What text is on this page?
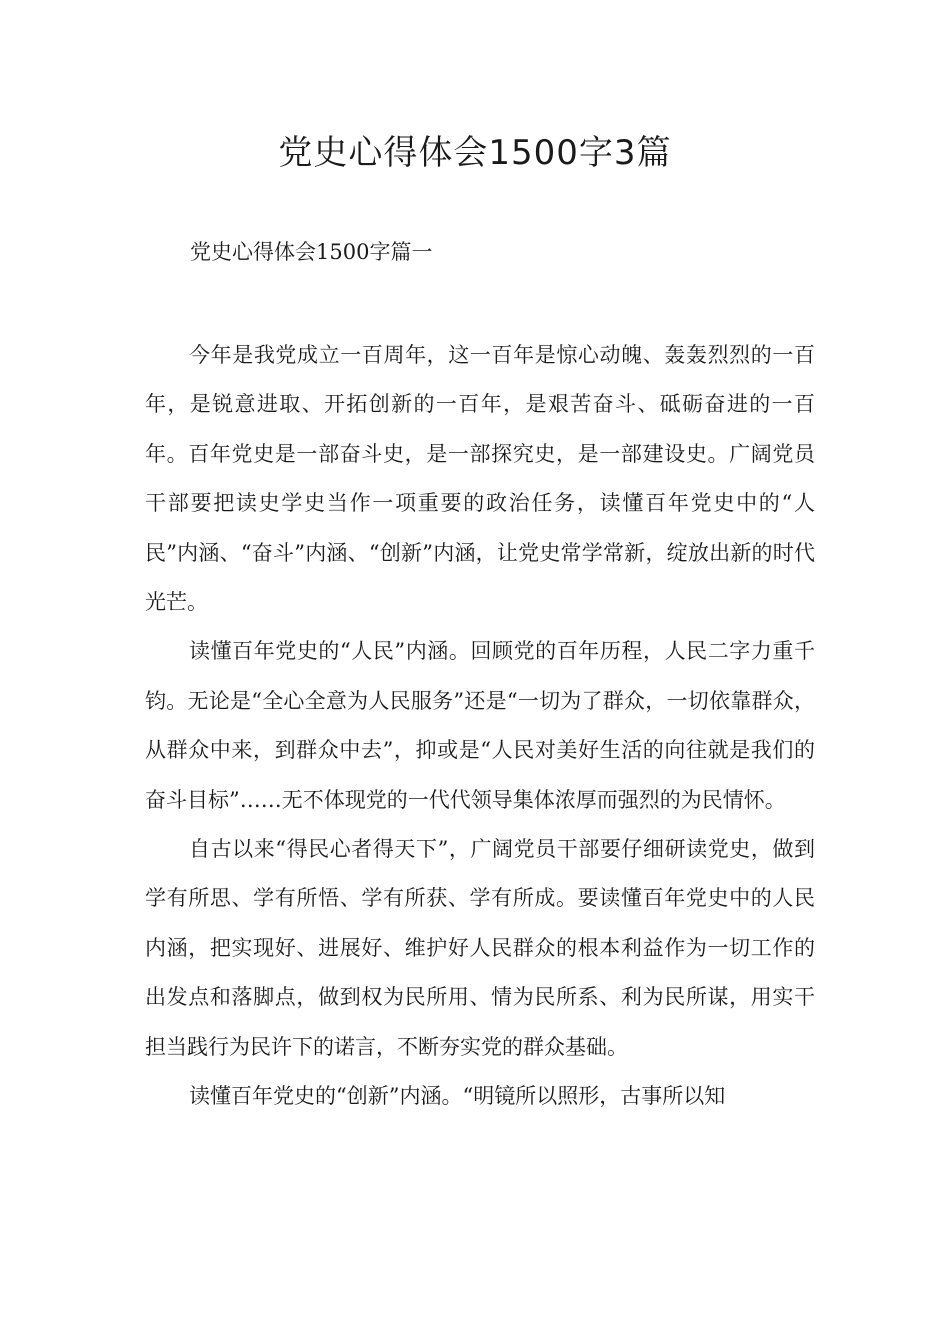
党史心得体会1500字3篇

党史心得体会1500字篇一

今年是我党成立一百周年，这一百年是惊心动魄、轰轰烈烈的一百年，是锐意进取、开拓创新的一百年，是艰苦奋斗、砥砺奋进的一百年。百年党史是一部奋斗史，是一部探究史，是一部建设史。广阔党员干部要把读史学史当作一项重要的政治任务，读懂百年党史中的“人民”内涵、“奋斗”内涵、“创新”内涵，让党史常学常新，绽放出新的时代光芒。

读懂百年党史的“人民”内涵。回顾党的百年历程，人民二字力重千钧。无论是“全心全意为人民服务”还是“一切为了群众，一切依靠群众，从群众中来，到群众中去”，抑或是“人民对美好生活的向往就是我们的奋斗目标”……无不体现党的一代代领导集体浓厚而强烈的为民情怀。

自古以来“得民心者得天下”，广阔党员干部要仔细研读党史，做到学有所思、学有所悟、学有所获、学有所成。要读懂百年党史中的人民内涵，把实现好、进展好、维护好人民群众的根本利益作为一切工作的出发点和落脚点，做到权为民所用、情为民所系、利为民所谋，用实干担当践行为民许下的诺言，不断夯实党的群众基础。

读懂百年党史的“创新”内涵。“明镜所以照形，古事所以知
